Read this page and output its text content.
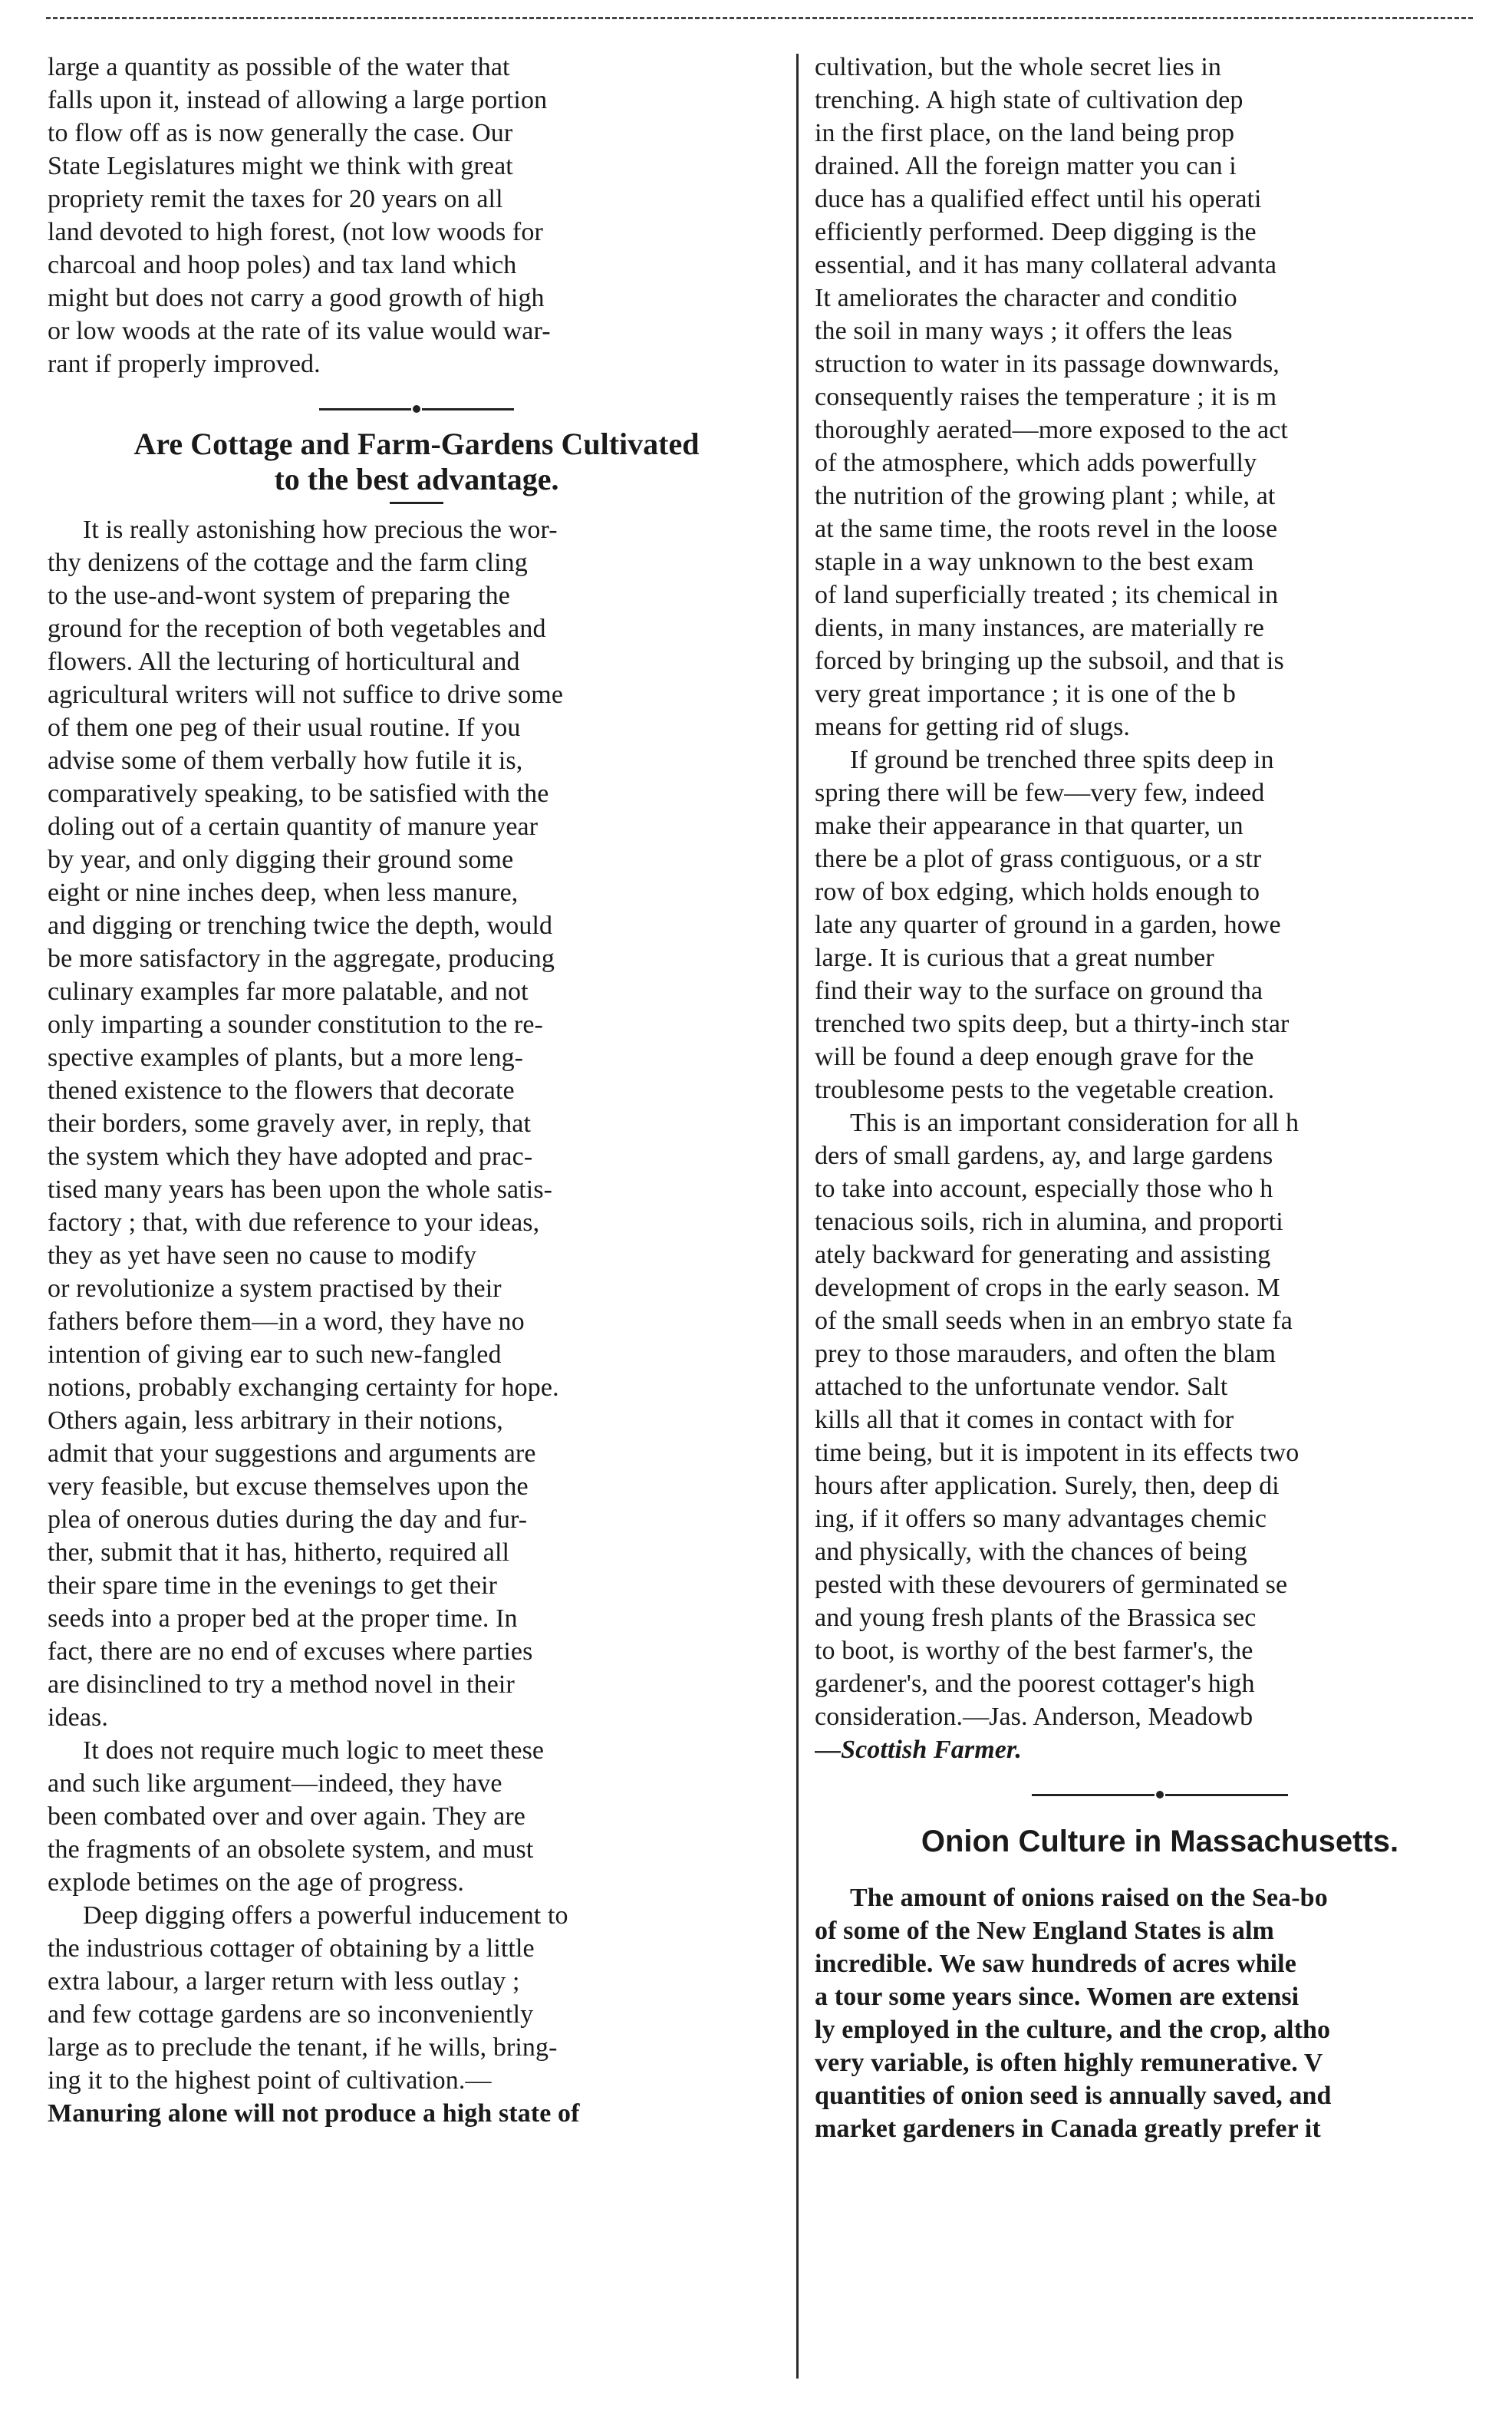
large a quantity as possible of the water that
falls upon it, instead of allowing a large portion
to flow off as is now generally the case. Our
State Legislatures might we think with great
propriety remit the taxes for 20 years on all
land devoted to high forest, (not low woods for
charcoal and hoop poles) and tax land which
might but does not carry a good growth of high
or low woods at the rate of its value would war-
rant if properly improved.
Are Cottage and Farm-Gardens Cultivated
to the best advantage.
It is really astonishing how precious the wor-
thy denizens of the cottage and the farm cling
to the use-and-wont system of preparing the
ground for the reception of both vegetables and
flowers. All the lecturing of horticultural and
agricultural writers will not suffice to drive some
of them one peg of their usual routine. If you
advise some of them verbally how futile it is,
comparatively speaking, to be satisfied with the
doling out of a certain quantity of manure year
by year, and only digging their ground some
eight or nine inches deep, when less manure,
and digging or trenching twice the depth, would
be more satisfactory in the aggregate, producing
culinary examples far more palatable, and not
only imparting a sounder constitution to the re-
spective examples of plants, but a more leng-
thened existence to the flowers that decorate
their borders, some gravely aver, in reply, that
the system which they have adopted and prac-
tised many years has been upon the whole satis-
factory ; that, with due reference to your ideas,
they as yet have seen no cause to modify
or revolutionize a system practised by their
fathers before them—in a word, they have no
intention of giving ear to such new-fangled
notions, probably exchanging certainty for hope.
Others again, less arbitrary in their notions,
admit that your suggestions and arguments are
very feasible, but excuse themselves upon the
plea of onerous duties during the day and fur-
ther, submit that it has, hitherto, required all
their spare time in the evenings to get their
seeds into a proper bed at the proper time. In
fact, there are no end of excuses where parties
are disinclined to try a method novel in their
ideas.
It does not require much logic to meet these
and such like argument—indeed, they have
been combated over and over again. They are
the fragments of an obsolete system, and must
explode betimes on the age of progress.
Deep digging offers a powerful inducement to
the industrious cottager of obtaining by a little
extra labour, a larger return with less outlay ;
and few cottage gardens are so inconveniently
large as to preclude the tenant, if he wills, bring-
ing it to the highest point of cultivation.—
Manuring alone will not produce a high state of
cultivation, but the whole secret lies in
trenching. A high state of cultivation dep
in the first place, on the land being prop
drained. All the foreign matter you can i
duce has a qualified effect until his operati
efficiently performed. Deep digging is the
essential, and it has many collateral advanta
It ameliorates the character and conditio
the soil in many ways ; it offers the leas
struction to water in its passage downwards,
consequently raises the temperature ; it is m
thoroughly aerated—more exposed to the act
of the atmosphere, which adds powerfully
the nutrition of the growing plant ; while, at
at the same time, the roots revel in the loose
staple in a way unknown to the best exam
of land superficially treated ; its chemical in
dients, in many instances, are materially re
forced by bringing up the subsoil, and that is
very great importance ; it is one of the b
means for getting rid of slugs.
If ground be trenched three spits deep in
spring there will be few—very few, indeed
make their appearance in that quarter, un
there be a plot of grass contiguous, or a str
row of box edging, which holds enough to
late any quarter of ground in a garden, howe
large. It is curious that a great number
find their way to the surface on ground tha
trenched two spits deep, but a thirty-inch star
will be found a deep enough grave for the
troublesome pests to the vegetable creation.
This is an important consideration for all h
ders of small gardens, ay, and large gardens
to take into account, especially those who h
tenacious soils, rich in alumina, and proporti
ately backward for generating and assisting
development of crops in the early season. M
of the small seeds when in an embryo state fa
prey to those marauders, and often the blam
attached to the unfortunate vendor. Salt
kills all that it comes in contact with for
time being, but it is impotent in its effects two
hours after application. Surely, then, deep di
ing, if it offers so many advantages chemic
and physically, with the chances of being
pested with these devourers of germinated se
and young fresh plants of the Brassica sec
to boot, is worthy of the best farmer's, the
gardener's, and the poorest cottager's high
consideration.—Jas. Anderson, Meadowb
—Scottish Farmer.
Onion Culture in Massachusetts.
The amount of onions raised on the Sea-bo
of some of the New England States is alm
incredible. We saw hundreds of acres while
a tour some years since. Women are extensi
ly employed in the culture, and the crop, altho
very variable, is often highly remunerative. V
quantities of onion seed is annually saved, and
market gardeners in Canada greatly prefer it
